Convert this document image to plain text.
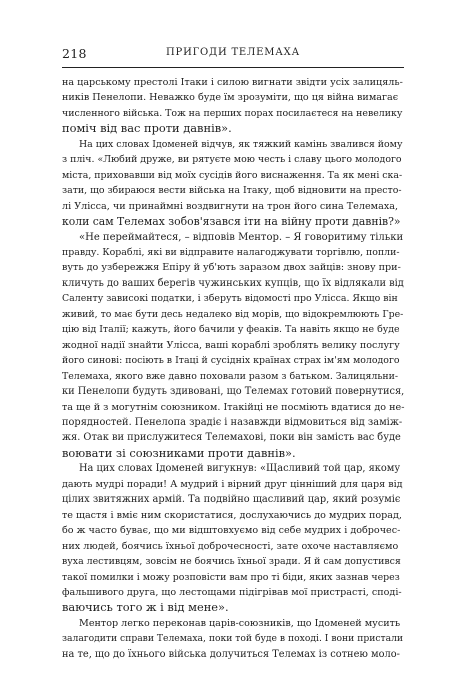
218	ПРИГОДИ ТЕЛЕМАХА

на царському престолі Ітаки і силою вигнати звідти усіх залицяль-
ників Пенелопи. Неважко буде їм зрозуміти, що ця війна вимагає
численного війська. Тож на перших порах посилаєтеся на невелику
поміч від вас проти давнів».

На цих словах Ідоменей відчув, як тяжкий камінь звалився йому
з пліч. «Любий друже, ви рятуєте мою честь і славу цього молодого
міста, приховавши від моїх сусідів його виснаження. Та як мені ска-
зати, що збираюся вести війська на Ітаку, щоб відновити на престо-
лі Улісса, чи принаймні воздвигнути на трон його сина Телемаха,
коли сам Телемах зобов'язався іти на війну проти давнів?»

«Не переймайтеся, – відповів Ментор. – Я говоритиму тільки
правду. Кораблі, які ви відправите налагоджувати торгівлю, попли-
вуть до узбережжя Епіру й уб'ють заразом двох зайців: знову при-
кличуть до ваших берегів чужинських купців, що їх відлякали від
Саленту зависокі податки, і зберуть відомості про Улісса. Якщо він
живий, то має бути десь недалеко від морів, що відокремлюють Гре-
цію від Італії; кажуть, його бачили у феаків. Та навіть якщо не буде
жодної надії знайти Улісса, ваші кораблі зроблять велику послугу
його синові: посіють в Ітаці й сусідніх країнах страх ім'ям молодого
Телемаха, якого вже давно поховали разом з батьком. Залицяльни-
ки Пенелопи будуть здивовані, що Телемах готовий повернутися,
та ще й з могутнім союзником. Ітакійці не посміють вдатися до не-
порядностей. Пенелопа зрадіє і назавжди відмовиться від заміж-
жя. Отак ви прислужитеся Телемахові, поки він замість вас буде
воювати зі союзниками проти давнів».

На цих словах Ідоменей вигукнув: «Щасливий той цар, якому
дають мудрі поради! А мудрий і вірний друг цінніший для царя від
цілих звитяжних армій. Та подвійно щасливий цар, який розуміє
те щастя і вміє ним скористатися, дослухаючись до мудрих порад,
бо ж часто буває, що ми відштовхуємо від себе мудрих і доброчес-
них людей, боячись їхньої доброчесності, зате охоче наставляємо
вуха лестивцям, зовсім не боячись їхньої зради. Я й сам допустився
такої помилки і можу розповісти вам про ті біди, яких зазнав через
фальшивого друга, що лестощами підігрівав мої пристрасті, сподi-
ваючись того ж і від мене».

Ментор легко переконав царів-союзників, що Ідоменей мусить
залагодити справи Телемаха, поки той буде в поході. І вони пристали
на те, що до їхнього війська долучиться Телемах із сотнею моло-
